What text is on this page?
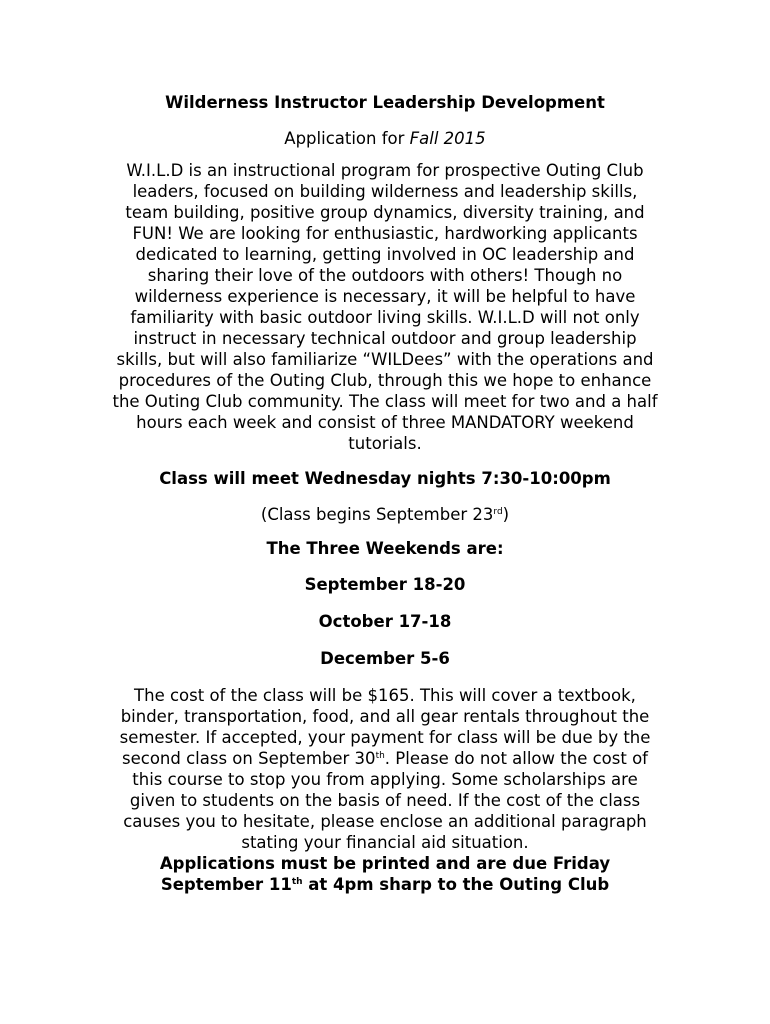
Wilderness Instructor Leadership Development
Application for Fall 2015
W.I.L.D is an instructional program for prospective Outing Club leaders, focused on building wilderness and leadership skills, team building, positive group dynamics, diversity training, and FUN! We are looking for enthusiastic, hardworking applicants dedicated to learning, getting involved in OC leadership and sharing their love of the outdoors with others! Though no wilderness experience is necessary, it will be helpful to have familiarity with basic outdoor living skills. W.I.L.D will not only instruct in necessary technical outdoor and group leadership skills, but will also familiarize “WILDees” with the operations and procedures of the Outing Club, through this we hope to enhance the Outing Club community. The class will meet for two and a half hours each week and consist of three MANDATORY weekend tutorials.
Class will meet Wednesday nights 7:30-10:00pm
(Class begins September 23rd)
The Three Weekends are:
September 18-20
October 17-18
December 5-6
The cost of the class will be $165. This will cover a textbook, binder, transportation, food, and all gear rentals throughout the semester. If accepted, your payment for class will be due by the second class on September 30th. Please do not allow the cost of this course to stop you from applying. Some scholarships are given to students on the basis of need. If the cost of the class causes you to hesitate, please enclose an additional paragraph stating your financial aid situation.
Applications must be printed and are due Friday September 11th at 4pm sharp to the Outing Club
